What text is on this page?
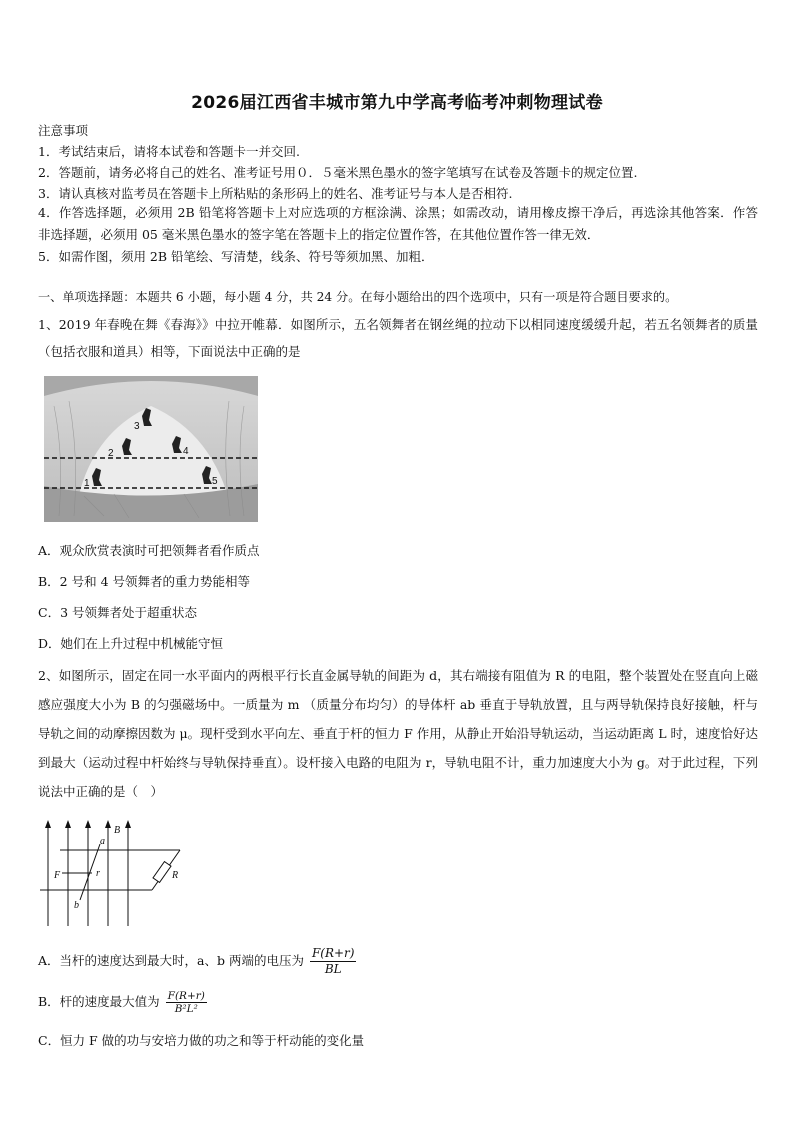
2026届江西省丰城市第九中学高考临考冲刺物理试卷
注意事项
1．考试结束后，请将本试卷和答题卡一并交回.
2．答题前，请务必将自己的姓名、准考证号用０．５毫米黑色墨水的签字笔填写在试卷及答题卡的规定位置.
3．请认真核对监考员在答题卡上所粘贴的条形码上的姓名、准考证号与本人是否相符.
4．作答选择题，必须用 2B 铅笔将答题卡上对应选项的方框涂满、涂黑；如需改动，请用橡皮擦干净后，再选涂其他答案．作答非选择题，必须用 05 毫米黑色墨水的签字笔在答题卡上的指定位置作答，在其他位置作答一律无效．
5．如需作图，须用 2B 铅笔绘、写清楚，线条、符号等须加黑、加粗．
一、单项选择题：本题共 6 小题，每小题 4 分，共 24 分。在每小题给出的四个选项中，只有一项是符合题目要求的。
1、2019 年春晚在舞《春海》》中拉开帷幕．如图所示，五名领舞者在钢丝绳的拉动下以相同速度缓缓升起，若五名领舞者的质量（包括衣服和道具）相等，下面说法中正确的是
3
2	4
1	5
A．观众欣赏表演时可把领舞者看作质点
B．2 号和 4 号领舞者的重力势能相等
C．3 号领舞者处于超重状态
D．她们在上升过程中机械能守恒
2、如图所示，固定在同一水平面内的两根平行长直金属导轨的间距为 d，其右端接有阻值为 R 的电阻，整个装置处在竖直向上磁感应强度大小为 B 的匀强磁场中。一质量为 m （质量分布均匀）的导体杆 ab 垂直于导轨放置，且与两导轨保持良好接触，杆与导轨之间的动摩擦因数为 μ。现杆受到水平向左、垂直于杆的恒力 F 作用，从静止开始沿导轨运动，当运动距离 L 时，速度恰好达到最大（运动过程中杆始终与导轨保持垂直）。设杆接入电路的电阻为 r，导轨电阻不计，重力加速度大小为 g。对于此过程，下列说法中正确的是（　）
B
a
F	r	R
b
A．当杆的速度达到最大时，a、b 两端的电压为 $\frac{F(R+r)}{BL}$
B．杆的速度最大值为 $\frac{F(R+r)}{\text{B²L²}}$
C．恒力 F 做的功与安培力做的功之和等于杆动能的变化量
